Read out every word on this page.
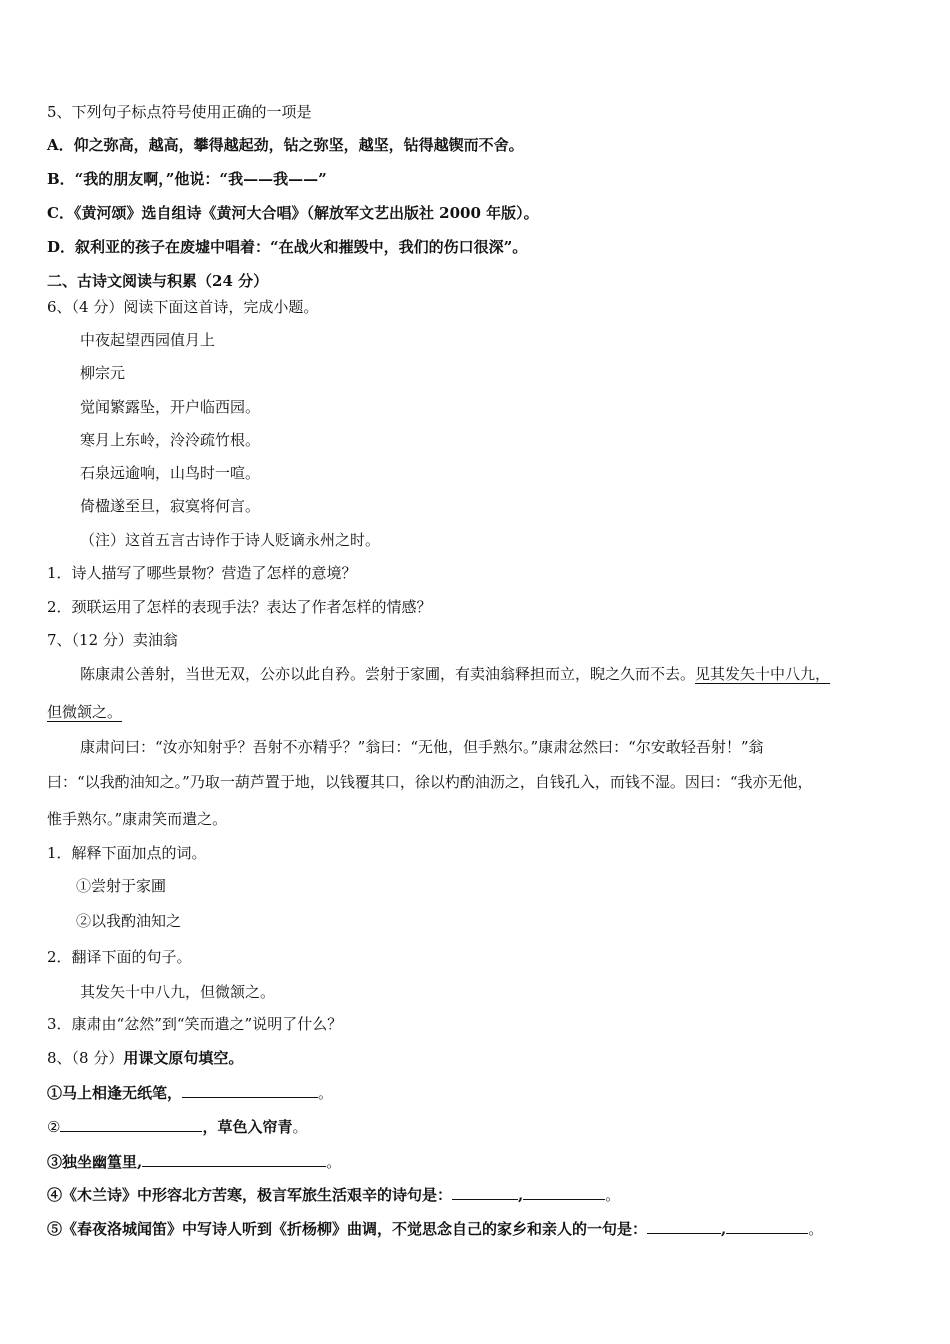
5、下列句子标点符号使用正确的一项是
A．仰之弥高，越高，攀得越起劲，钻之弥坚，越坚，钻得越锲而不舍。
B．“我的朋友啊，”他说：“我——我——”
C．《黄河颂》选自组诗《黄河大合唱》（解放军文艺出版社 2000 年版）。
D．叙利亚的孩子在废墟中唱着：“在战火和摧毁中，我们的伤口很深”。
二、古诗文阅读与积累（24 分）
6、（4 分）阅读下面这首诗，完成小题。
中夜起望西园值月上
柳宗元
觉闻繁露坠，开户临西园。
寒月上东岭，泠泠疏竹根。
石泉远逾响，山鸟时一喧。
倚楹遂至旦，寂寞将何言。
（注）这首五言古诗作于诗人贬谪永州之时。
1．诗人描写了哪些景物？营造了怎样的意境？
2．颈联运用了怎样的表现手法？表达了作者怎样的情感？
7、（12 分）卖油翁
陈康肃公善射，当世无双，公亦以此自矜。尝射于家圃，有卖油翁释担而立，睨之久而不去。见其发矢十中八九，
但微颔之。
康肃问曰：“汝亦知射乎？吾射不亦精乎？”翁曰：“无他，但手熟尔。”康肃忿然曰：“尔安敢轻吾射！”翁
曰：“以我酌油知之。”乃取一葫芦置于地，以钱覆其口，徐以杓酌油沥之，自钱孔入，而钱不湿。因曰：“我亦无他，
惟手熟尔。”康肃笑而遣之。
1．解释下面加点的词。
①尝射于家圃
②以我酌油知之
2．翻译下面的句子。
其发矢十中八九，但微颔之。
3．康肃由“忿然”到“笑而遣之”说明了什么？
8、（8 分）用课文原句填空。
①马上相逢无纸笔，	。
②	，草色入帘青。
③独坐幽篁里,	。
④《木兰诗》中形容北方苦寒，极言军旅生活艰辛的诗句是：	,	。
⑤《春夜洛城闻笛》中写诗人听到《折杨柳》曲调，不觉思念自己的家乡和亲人的一句是：	,	。
